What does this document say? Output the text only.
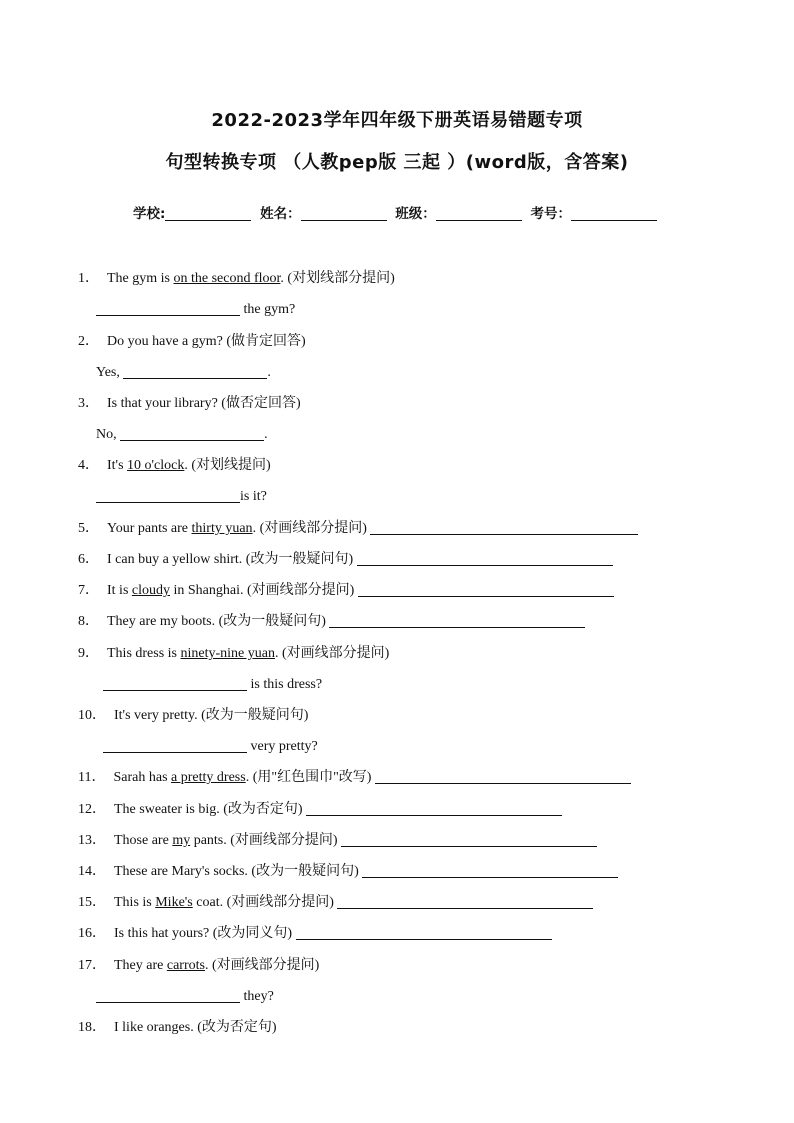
2022-2023学年四年级下册英语易错题专项
句型转换专项 （人教pep版 三起 ）(word版，含答案)
学校:	姓名：	班级：	考号：
1． The gym is on the second floor. (对划线部分提问)
the gym?
2． Do you have a gym? (做肯定回答)
Yes,	.
3． Is that your library? (做否定回答)
No,	.
4． It's 10 o'clock. (对划线提问)
is it?
5． Your pants are thirty yuan. (对画线部分提问)
6． I can buy a yellow shirt. (改为一般疑问句)
7． It is cloudy in Shanghai. (对画线部分提问)
8． They are my boots. (改为一般疑问句)
9． This dress is ninety-nine yuan. (对画线部分提问)
is this dress?
10． It's very pretty. (改为一般疑问句)
very pretty?
11． Sarah has a pretty dress. (用"红色围巾"改写)
12． The sweater is big. (改为否定句)
13． Those are my pants. (对画线部分提问)
14． These are Mary's socks. (改为一般疑问句)
15． This is Mike's coat. (对画线部分提问)
16． Is this hat yours? (改为同义句)
17． They are carrots. (对画线部分提问)
they?
18． I like oranges. (改为否定句)
